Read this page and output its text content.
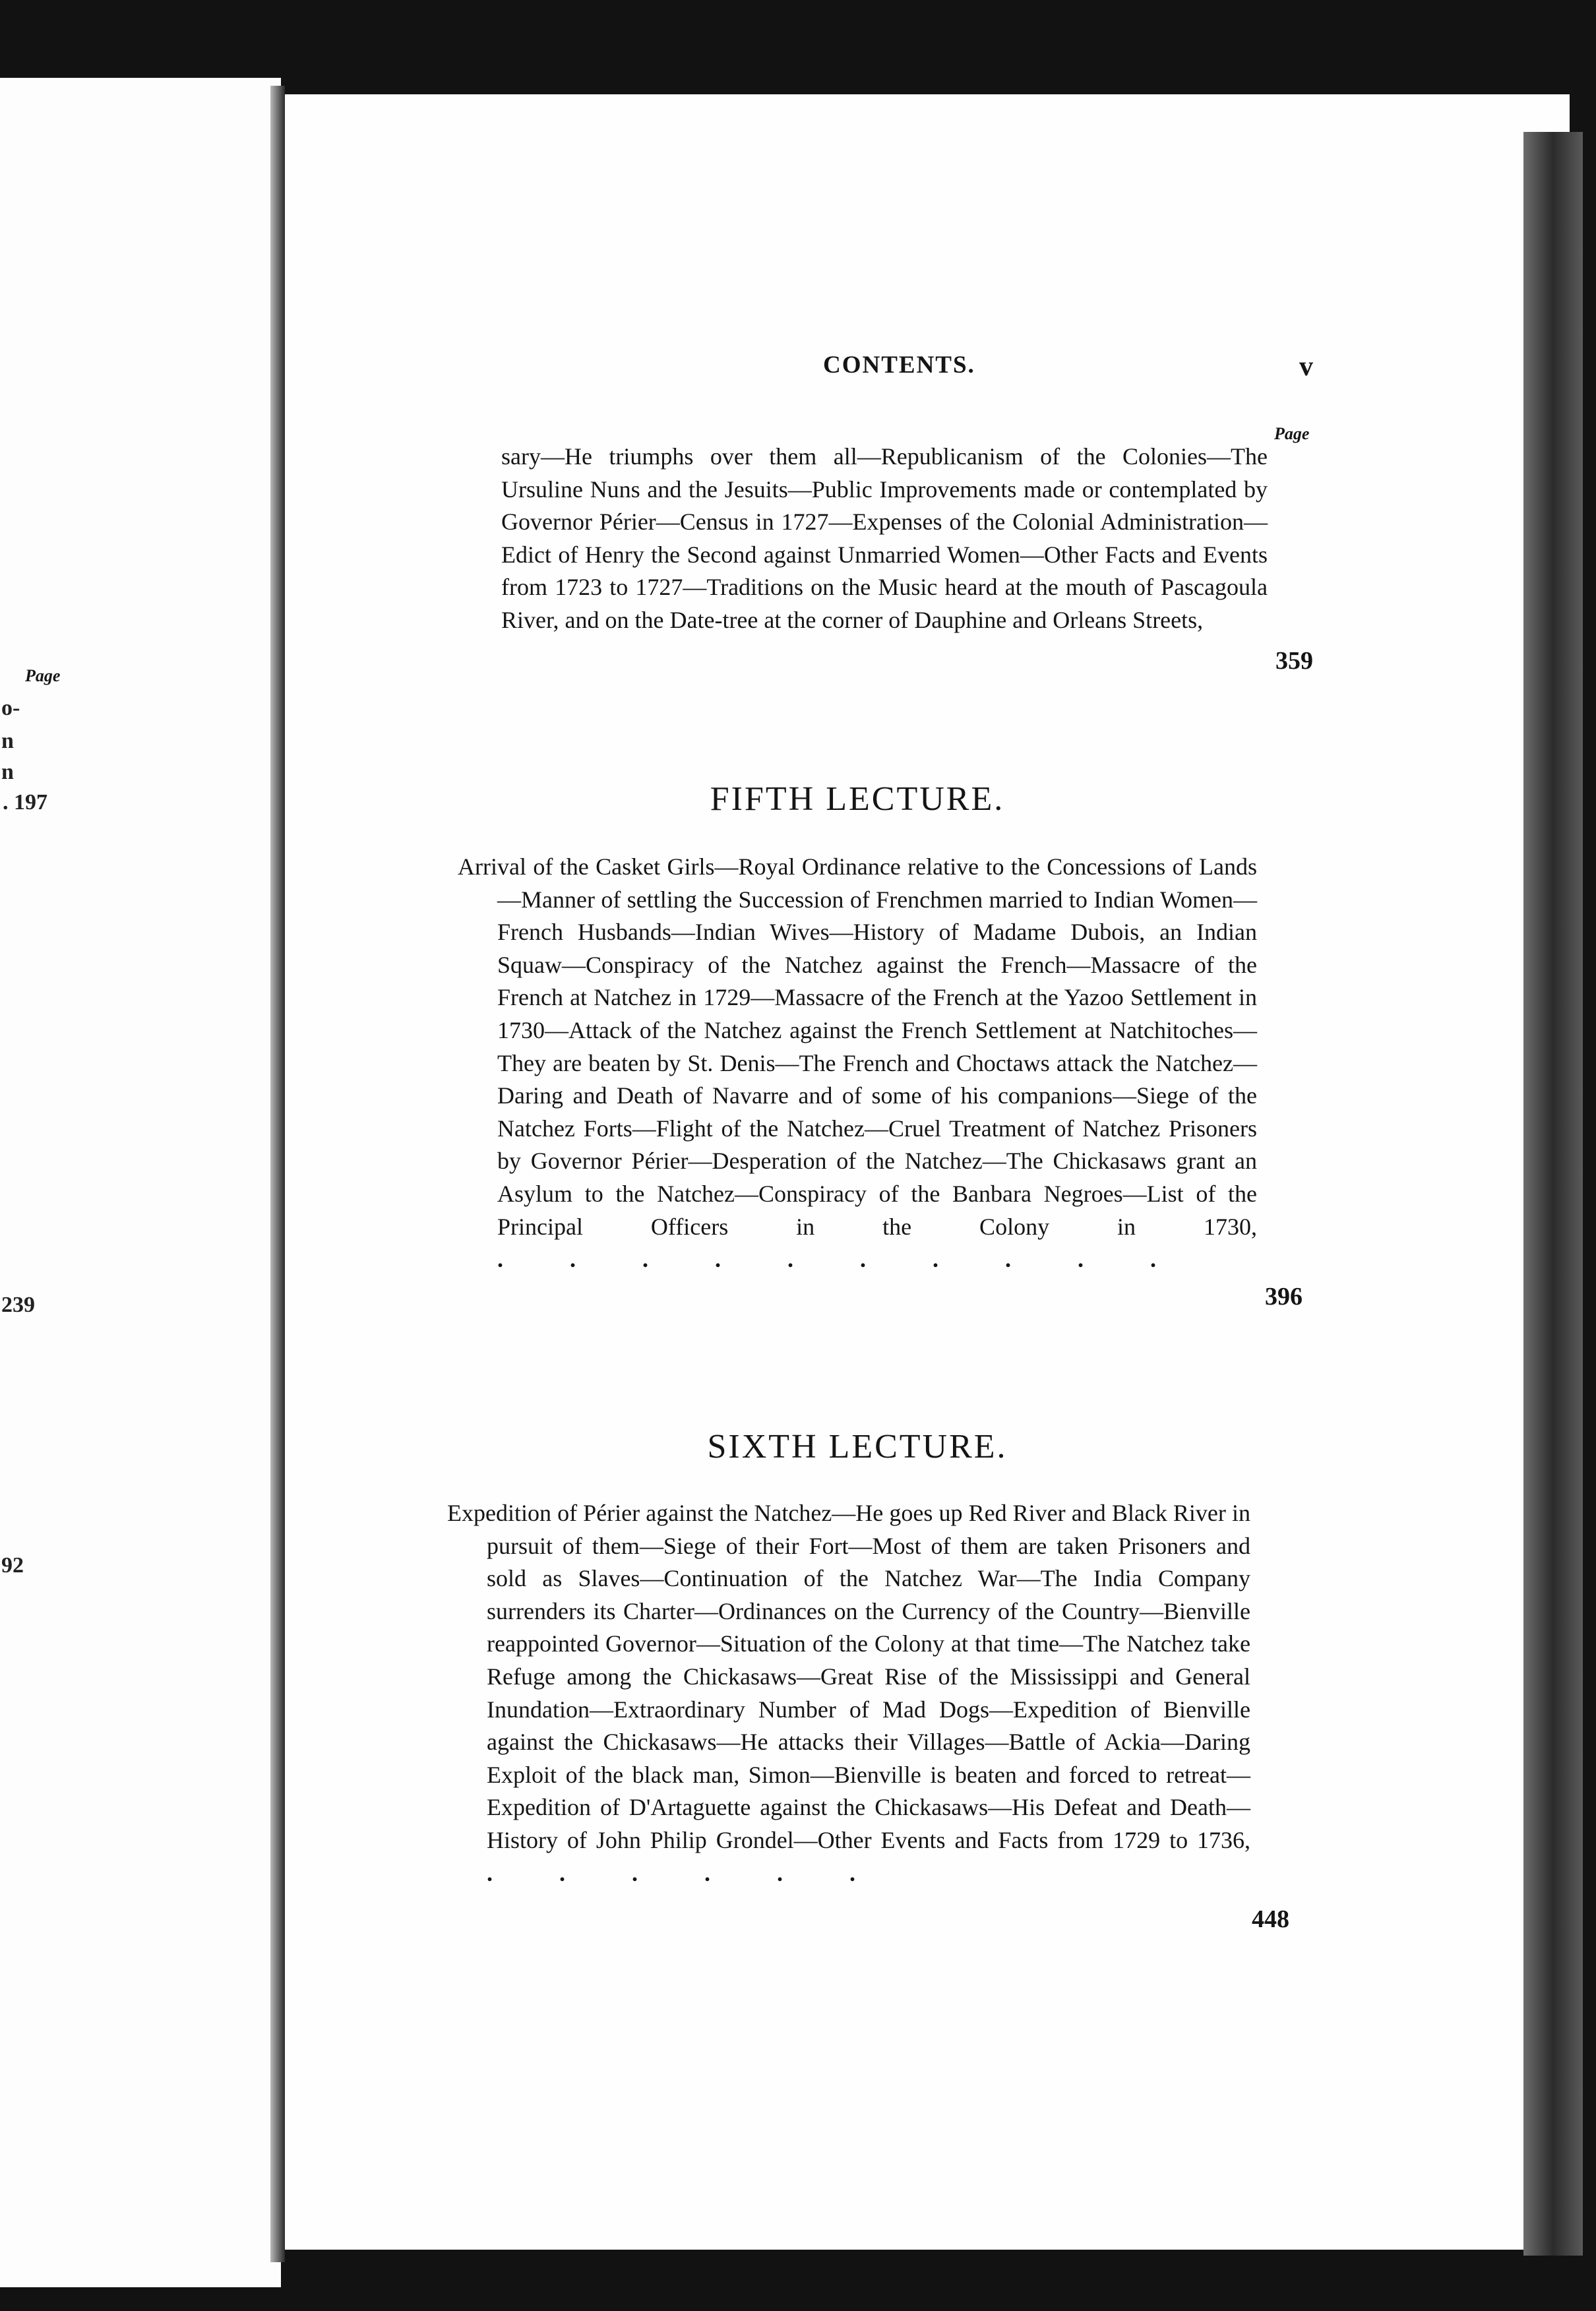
Page
o-
n
n
. 197
239
92
CONTENTS.	v
Page
sary—He triumphs over them all—Republicanism of the Colonies—The Ursuline Nuns and the Jesuits—Public Improvements made or contemplated by Governor Périer—Census in 1727—Expenses of the Colonial Administration—Edict of Henry the Second against Unmarried Women—Other Facts and Events from 1723 to 1727—Traditions on the Music heard at the mouth of Pascagoula River, and on the Date-tree at the corner of Dauphine and Orleans Streets,
359
FIFTH LECTURE.
Arrival of the Casket Girls—Royal Ordinance relative to the Concessions of Lands—Manner of settling the Succession of Frenchmen married to Indian Women—French Husbands—Indian Wives—History of Madame Dubois, an Indian Squaw—Conspiracy of the Natchez against the French—Massacre of the French at Natchez in 1729—Massacre of the French at the Yazoo Settlement in 1730—Attack of the Natchez against the French Settlement at Natchitoches—They are beaten by St. Denis—The French and Choctaws attack the Natchez—Daring and Death of Navarre and of some of his companions—Siege of the Natchez Forts—Flight of the Natchez—Cruel Treatment of Natchez Prisoners by Governor Périer—Desperation of the Natchez—The Chickasaws grant an Asylum to the Natchez—Conspiracy of the Banbara Negroes—List of the Principal Officers in the Colony in 1730, . . . . . . . . . .
396
SIXTH LECTURE.
Expedition of Périer against the Natchez—He goes up Red River and Black River in pursuit of them—Siege of their Fort—Most of them are taken Prisoners and sold as Slaves—Continuation of the Natchez War—The India Company surrenders its Charter—Ordinances on the Currency of the Country—Bienville reappointed Governor—Situation of the Colony at that time—The Natchez take Refuge among the Chickasaws—Great Rise of the Mississippi and General Inundation—Extraordinary Number of Mad Dogs—Expedition of Bienville against the Chickasaws—He attacks their Villages—Battle of Ackia—Daring Exploit of the black man, Simon—Bienville is beaten and forced to retreat—Expedition of D'Artaguette against the Chickasaws—His Defeat and Death—History of John Philip Grondel—Other Events and Facts from 1729 to 1736, . . . . . .
448
